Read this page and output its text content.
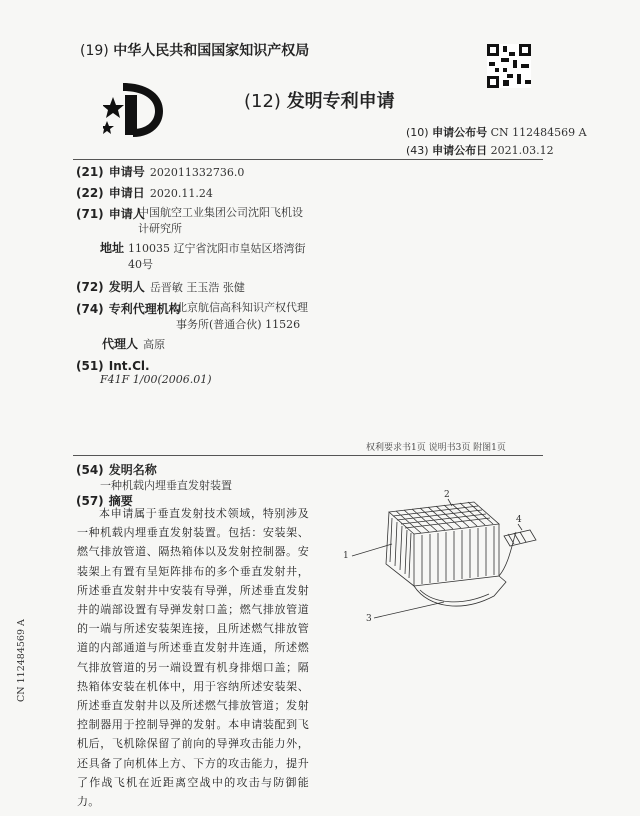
(19) 中华人民共和国国家知识产权局
(12) 发明专利申请
(10) 申请公布号 CN 112484569 A
(43) 申请公布日 2021.03.12
(21) 申请号 202011332736.0
(22) 申请日 2020.11.24
(71) 申请人
中国航空工业集团公司沈阳飞机设
计研究所
地址 110035 辽宁省沈阳市皇姑区塔湾街
40号
(72) 发明人 岳晋敏 王玉浩 张健
(74) 专利代理机构
北京航信高科知识产权代理
事务所(普通合伙) 11526
代理人 高原
(51) Int.Cl.
F41F 1/00(2006.01)
权利要求书1页 说明书3页 附图1页
(54) 发明名称
一种机载内埋垂直发射装置
(57) 摘要
本申请属于垂直发射技术领域，特别涉及一种机载内埋垂直发射装置。包括：安装架、燃气排放管道、隔热箱体以及发射控制器。安装架上有置有呈矩阵排布的多个垂直发射井，所述垂直发射井中安装有导弹，所述垂直发射井的端部设置有导弹发射口盖；燃气排放管道的一端与所述安装架连接，且所述燃气排放管道的内部通道与所述垂直发射井连通，所述燃气排放管道的另一端设置有机身排烟口盖；隔热箱体安装在机体中，用于容纳所述安装架、所述垂直发射井以及所述燃气排放管道；发射控制器用于控制导弹的发射。本申请装配到飞机后，飞机除保留了前向的导弹攻击能力外，还具备了向机体上方、下方的攻击能力，提升了作战飞机在近距离空战中的攻击与防御能力。
2
1
3
4
CN 112484569 A
